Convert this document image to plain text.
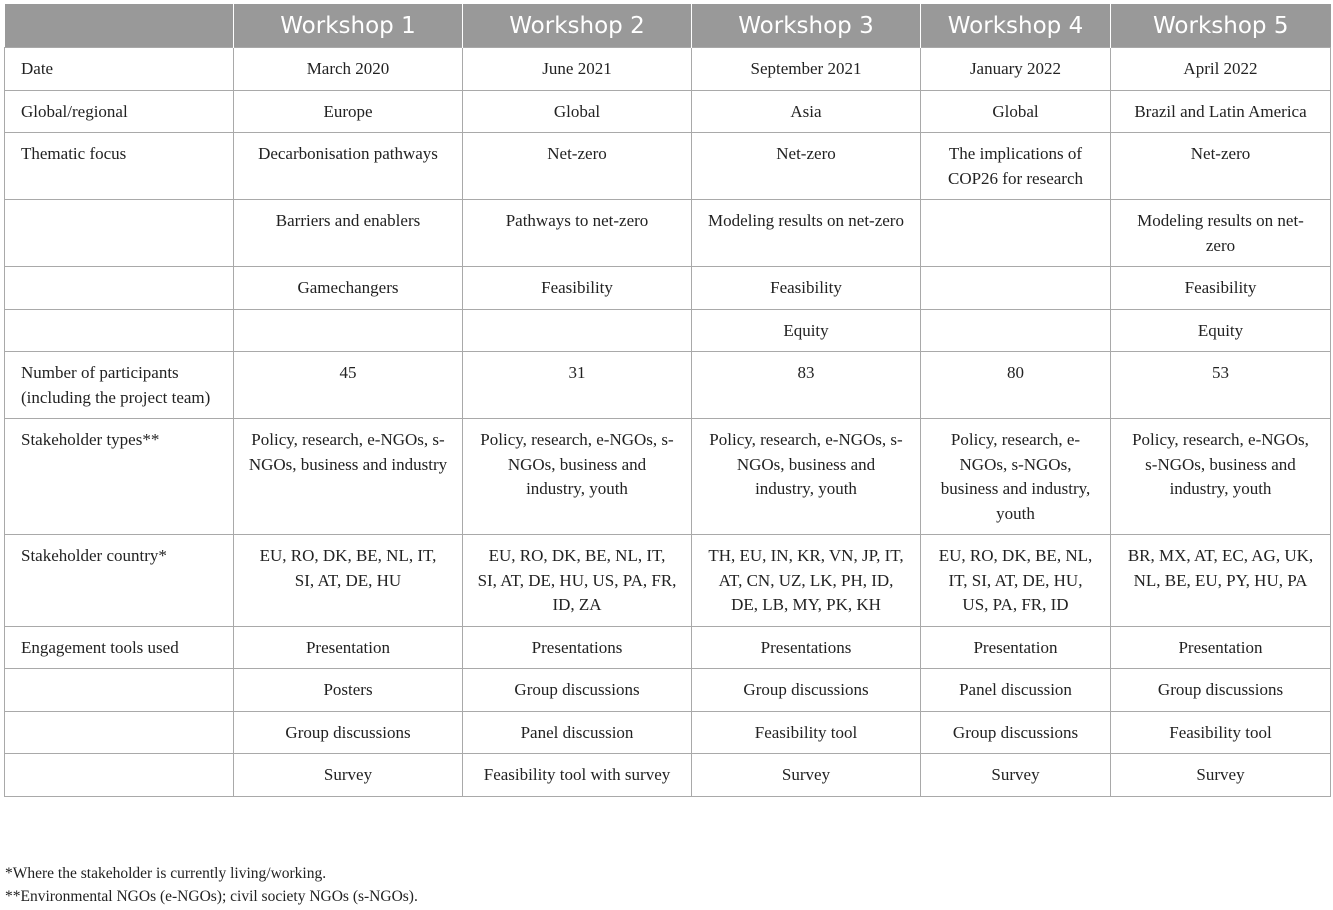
	Workshop 1	Workshop 2	Workshop 3	Workshop 4	Workshop 5
Date	March 2020	June 2021	September 2021	January 2022	April 2022
Global/regional	Europe	Global	Asia	Global	Brazil and Latin America
Thematic focus	Decarbonisation pathways	Net-zero	Net-zero	The implications of COP26 for research	Net-zero
	Barriers and enablers	Pathways to net-zero	Modeling results on net-zero		Modeling results on net-zero
	Gamechangers	Feasibility	Feasibility		Feasibility
			Equity		Equity
Number of participants (including the project team)	45	31	83	80	53
Stakeholder types**	Policy, research, e-NGOs, s-NGOs, business and industry	Policy, research, e-NGOs, s-NGOs, business and industry, youth	Policy, research, e-NGOs, s-NGOs, business and industry, youth	Policy, research, e-NGOs, s-NGOs, business and industry, youth	Policy, research, e-NGOs, s-NGOs, business and industry, youth
Stakeholder country*	EU, RO, DK, BE, NL, IT, SI, AT, DE, HU	EU, RO, DK, BE, NL, IT, SI, AT, DE, HU, US, PA, FR, ID, ZA	TH, EU, IN, KR, VN, JP, IT, AT, CN, UZ, LK, PH, ID, DE, LB, MY, PK, KH	EU, RO, DK, BE, NL, IT, SI, AT, DE, HU, US, PA, FR, ID	BR, MX, AT, EC, AG, UK, NL, BE, EU, PY, HU, PA
Engagement tools used	Presentation	Presentations	Presentations	Presentation	Presentation
	Posters	Group discussions	Group discussions	Panel discussion	Group discussions
	Group discussions	Panel discussion	Feasibility tool	Group discussions	Feasibility tool
	Survey	Feasibility tool with survey	Survey	Survey	Survey
*Where the stakeholder is currently living/working.
**Environmental NGOs (e-NGOs); civil society NGOs (s-NGOs).
